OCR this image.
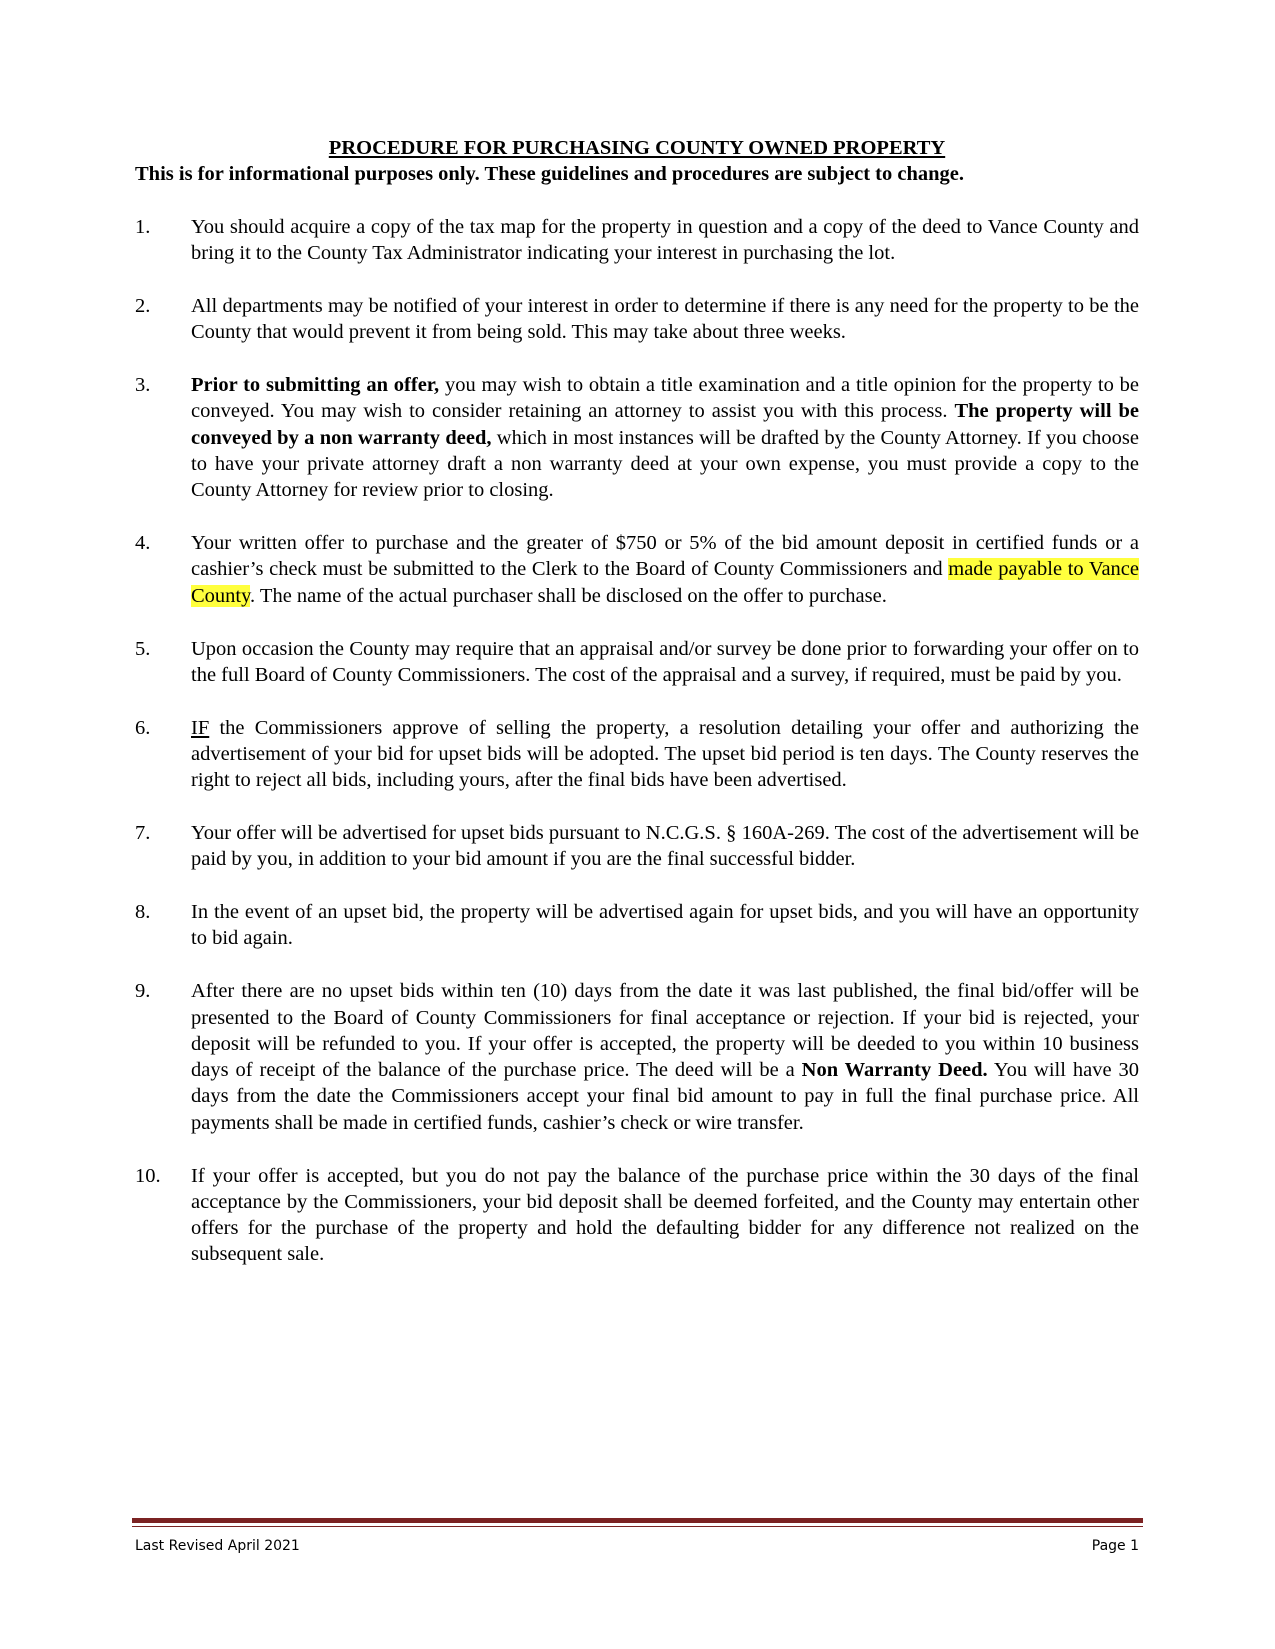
PROCEDURE FOR PURCHASING COUNTY OWNED PROPERTY

This is for informational purposes only. These guidelines and procedures are subject to change.

1.	You should acquire a copy of the tax map for the property in question and a copy of the deed to Vance County and bring it to the County Tax Administrator indicating your interest in purchasing the lot.
2.	All departments may be notified of your interest in order to determine if there is any need for the property to be the County that would prevent it from being sold. This may take about three weeks.
3.	Prior to submitting an offer, you may wish to obtain a title examination and a title opinion for the property to be conveyed. You may wish to consider retaining an attorney to assist you with this process. The property will be conveyed by a non warranty deed, which in most instances will be drafted by the County Attorney. If you choose to have your private attorney draft a non warranty deed at your own expense, you must provide a copy to the County Attorney for review prior to closing.
4.	Your written offer to purchase and the greater of $750 or 5% of the bid amount deposit in certified funds or a cashier’s check must be submitted to the Clerk to the Board of County Commissioners and made payable to Vance County. The name of the actual purchaser shall be disclosed on the offer to purchase.
5.	Upon occasion the County may require that an appraisal and/or survey be done prior to forwarding your offer on to the full Board of County Commissioners. The cost of the appraisal and a survey, if required, must be paid by you.
6.	IF the Commissioners approve of selling the property, a resolution detailing your offer and authorizing the advertisement of your bid for upset bids will be adopted. The upset bid period is ten days. The County reserves the right to reject all bids, including yours, after the final bids have been advertised.
7.	Your offer will be advertised for upset bids pursuant to N.C.G.S. § 160A-269. The cost of the advertisement will be paid by you, in addition to your bid amount if you are the final successful bidder.
8.	In the event of an upset bid, the property will be advertised again for upset bids, and you will have an opportunity to bid again.
9.	After there are no upset bids within ten (10) days from the date it was last published, the final bid/offer will be presented to the Board of County Commissioners for final acceptance or rejection. If your bid is rejected, your deposit will be refunded to you. If your offer is accepted, the property will be deeded to you within 10 business days of receipt of the balance of the purchase price. The deed will be a Non Warranty Deed. You will have 30 days from the date the Commissioners accept your final bid amount to pay in full the final purchase price. All payments shall be made in certified funds, cashier’s check or wire transfer.
10.	If your offer is accepted, but you do not pay the balance of the purchase price within the 30 days of the final acceptance by the Commissioners, your bid deposit shall be deemed forfeited, and the County may entertain other offers for the purchase of the property and hold the defaulting bidder for any difference not realized on the subsequent sale.
Last Revised April 2021	Page 1
